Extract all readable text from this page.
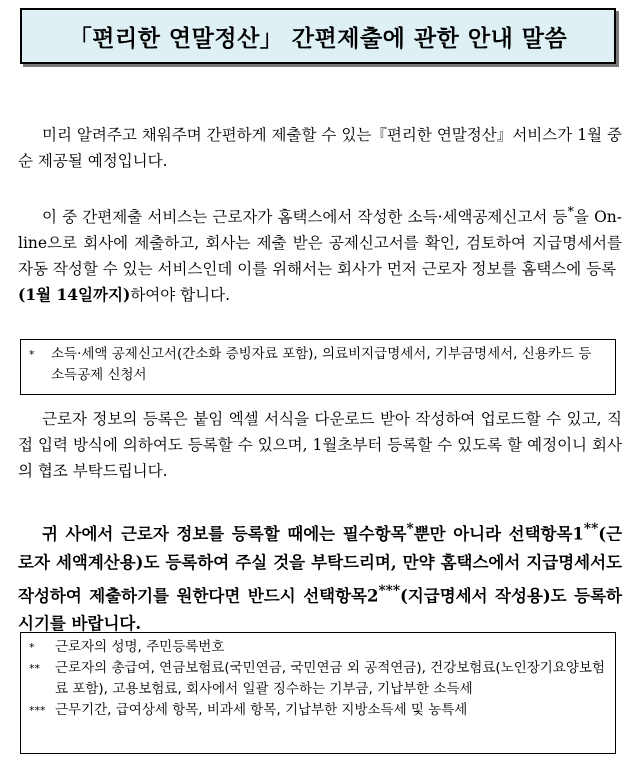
「편리한 연말정산」 간편제출에 관한 안내 말씀
미리 알려주고 채워주며 간편하게 제출할 수 있는『편리한 연말정산』서비스가 1월 중순 제공될 예정입니다.
이 중 간편제출 서비스는 근로자가 홈택스에서 작성한 소득·세액공제신고서 등*을 On-line으로 회사에 제출하고, 회사는 제출 받은 공제신고서를 확인, 검토하여 지급명세서를 자동 작성할 수 있는 서비스인데 이를 위해서는 회사가 먼저 근로자 정보를 홈택스에 등록
(1월 14일까지)하여야 합니다.
*	소득·세액 공제신고서(간소화 증빙자료 포함), 의료비지급명세서, 기부금명세서, 신용카드 등 소득공제 신청서
근로자 정보의 등록은 붙임 엑셀 서식을 다운로드 받아 작성하여 업로드할 수 있고, 직접 입력 방식에 의하여도 등록할 수 있으며, 1월초부터 등록할 수 있도록 할 예정이니 회사의 협조 부탁드립니다.
귀 사에서 근로자 정보를 등록할 때에는 필수항목*뿐만 아니라 선택항목1**(근로자 세액계산용)도 등록하여 주실 것을 부탁드리며, 만약 홈택스에서 지급명세서도 작성하여 제출하기를 원한다면 반드시 선택항목2***(지급명세서 작성용)도 등록하시기를 바랍니다.
*	근로자의 성명, 주민등록번호
**	근로자의 총급여, 연금보험료(국민연금, 국민연금 외 공적연금), 건강보험료(노인장기요양보험료 포함), 고용보험료, 회사에서 일괄 징수하는 기부금, 기납부한 소득세
*** 근무기간, 급여상세 항목, 비과세 항목, 기납부한 지방소득세 및 농특세
